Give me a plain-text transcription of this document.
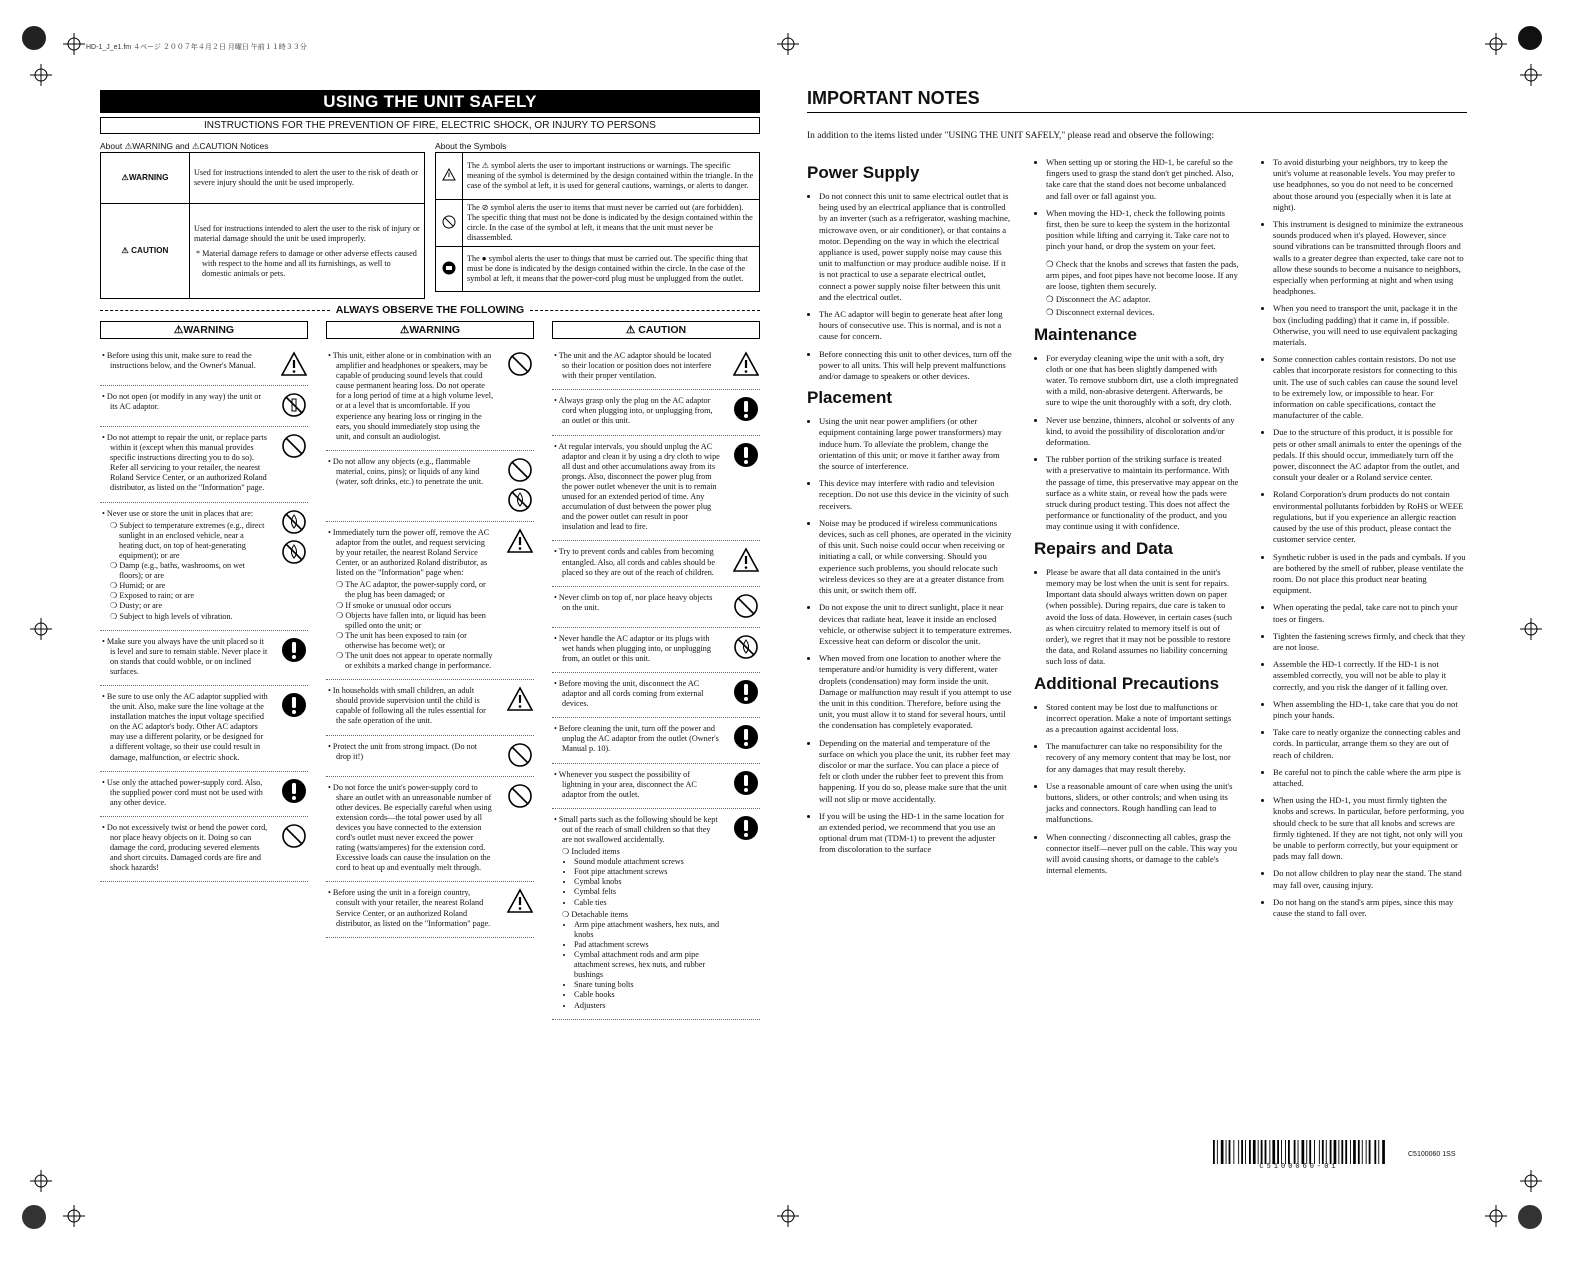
HD-1_J_e1.fm ４ページ ２００７年４月２日 月曜日 午前１１時３３分
USING THE UNIT SAFELY
INSTRUCTIONS FOR THE PREVENTION OF FIRE, ELECTRIC SHOCK, OR INJURY TO PERSONS
About ⚠WARNING and ⚠CAUTION Notices
⚠WARNING	Used for instructions intended to alert the user to the risk of death or severe injury should the unit be used improperly.
⚠ CAUTION	Used for instructions intended to alert the user to the risk of injury or material damage should the unit be used improperly.
* Material damage refers to damage or other adverse effects caused with respect to the home and all its furnishings, as well to domestic animals or pets.
About the Symbols
	The ⚠ symbol alerts the user to important instructions or warnings. The specific meaning of the symbol is determined by the design contained within the triangle. In the case of the symbol at left, it is used for general cautions, warnings, or alerts to danger.
	The ⊘ symbol alerts the user to items that must never be carried out (are forbidden). The specific thing that must not be done is indicated by the design contained within the circle. In the case of the symbol at left, it means that the unit must never be disassembled.
	The ● symbol alerts the user to things that must be carried out. The specific thing that must be done is indicated by the design contained within the circle. In the case of the symbol at left, it means that the power-cord plug must be unplugged from the outlet.
ALWAYS OBSERVE THE FOLLOWING
⚠WARNING

• Before using this unit, make sure to read the instructions below, and the Owner's Manual.

• Do not open (or modify in any way) the unit or its AC adaptor.

• Do not attempt to repair the unit, or replace parts within it (except when this manual provides specific instructions directing you to do so). Refer all servicing to your retailer, the nearest Roland Service Center, or an authorized Roland distributor, as listed on the "Information" page.

• Never use or store the unit in places that are:

❍ Subject to temperature extremes (e.g., direct sunlight in an enclosed vehicle, near a heating duct, on top of heat-generating equipment); or are
❍ Damp (e.g., baths, washrooms, on wet floors); or are
❍ Humid; or are
❍ Exposed to rain; or are
❍ Dusty; or are
❍ Subject to high levels of vibration.

• Make sure you always have the unit placed so it is level and sure to remain stable. Never place it on stands that could wobble, or on inclined surfaces.

• Be sure to use only the AC adaptor supplied with the unit. Also, make sure the line voltage at the installation matches the input voltage specified on the AC adaptor's body. Other AC adaptors may use a different polarity, or be designed for a different voltage, so their use could result in damage, malfunction, or electric shock.

• Use only the attached power-supply cord. Also, the supplied power cord must not be used with any other device.

• Do not excessively twist or bend the power cord, nor place heavy objects on it. Doing so can damage the cord, producing severed elements and short circuits. Damaged cords are fire and shock hazards!

⚠WARNING

• This unit, either alone or in combination with an amplifier and headphones or speakers, may be capable of producing sound levels that could cause permanent hearing loss. Do not operate for a long period of time at a high volume level, or at a level that is uncomfortable. If you experience any hearing loss or ringing in the ears, you should immediately stop using the unit, and consult an audiologist.

• Do not allow any objects (e.g., flammable material, coins, pins); or liquids of any kind (water, soft drinks, etc.) to penetrate the unit.

• Immediately turn the power off, remove the AC adaptor from the outlet, and request servicing by your retailer, the nearest Roland Service Center, or an authorized Roland distributor, as listed on the "Information" page when:

❍ The AC adaptor, the power-supply cord, or the plug has been damaged; or
❍ If smoke or unusual odor occurs
❍ Objects have fallen into, or liquid has been spilled onto the unit; or
❍ The unit has been exposed to rain (or otherwise has become wet); or
❍ The unit does not appear to operate normally or exhibits a marked change in performance.

• In households with small children, an adult should provide supervision until the child is capable of following all the rules essential for the safe operation of the unit.

• Protect the unit from strong impact. (Do not drop it!)

• Do not force the unit's power-supply cord to share an outlet with an unreasonable number of other devices. Be especially careful when using extension cords—the total power used by all devices you have connected to the extension cord's outlet must never exceed the power rating (watts/amperes) for the extension cord. Excessive loads can cause the insulation on the cord to heat up and eventually melt through.

• Before using the unit in a foreign country, consult with your retailer, the nearest Roland Service Center, or an authorized Roland distributor, as listed on the "Information" page.

⚠ CAUTION

• The unit and the AC adaptor should be located so their location or position does not interfere with their proper ventilation.

• Always grasp only the plug on the AC adaptor cord when plugging into, or unplugging from, an outlet or this unit.

• At regular intervals, you should unplug the AC adaptor and clean it by using a dry cloth to wipe all dust and other accumulations away from its prongs. Also, disconnect the power plug from the power outlet whenever the unit is to remain unused for an extended period of time. Any accumulation of dust between the power plug and the power outlet can result in poor insulation and lead to fire.

• Try to prevent cords and cables from becoming entangled. Also, all cords and cables should be placed so they are out of the reach of children.

• Never climb on top of, nor place heavy objects on the unit.

• Never handle the AC adaptor or its plugs with wet hands when plugging into, or unplugging from, an outlet or this unit.

• Before moving the unit, disconnect the AC adaptor and all cords coming from external devices.

• Before cleaning the unit, turn off the power and unplug the AC adaptor from the outlet (Owner's Manual p. 10).

• Whenever you suspect the possibility of lightning in your area, disconnect the AC adaptor from the outlet.

• Small parts such as the following should be kept out of the reach of small children so that they are not swallowed accidentally.

❍ Included items
• Sound module attachment screws
• Foot pipe attachment screws
• Cymbal knobs
• Cymbal felts
• Cable ties
❍ Detachable items
• Arm pipe attachment washers, hex nuts, and knobs
• Pad attachment screws
• Cymbal attachment rods and arm pipe attachment screws, hex nuts, and rubber bushings
• Snare tuning bolts
• Cable hooks
• Adjusters
IMPORTANT NOTES
In addition to the items listed under "USING THE UNIT SAFELY," please read and observe the following:
Power Supply
• Do not connect this unit to same electrical outlet that is being used by an electrical appliance that is controlled by an inverter (such as a refrigerator, washing machine, microwave oven, or air conditioner), or that contains a motor. Depending on the way in which the electrical appliance is used, power supply noise may cause this unit to malfunction or may produce audible noise. If it is not practical to use a separate electrical outlet, connect a power supply noise filter between this unit and the electrical outlet.
• The AC adaptor will begin to generate heat after long hours of consecutive use. This is normal, and is not a cause for concern.
• Before connecting this unit to other devices, turn off the power to all units. This will help prevent malfunctions and/or damage to speakers or other devices.
Placement
• Using the unit near power amplifiers (or other equipment containing large power transformers) may induce hum. To alleviate the problem, change the orientation of this unit; or move it farther away from the source of interference.
• This device may interfere with radio and television reception. Do not use this device in the vicinity of such receivers.
• Noise may be produced if wireless communications devices, such as cell phones, are operated in the vicinity of this unit. Such noise could occur when receiving or initiating a call, or while conversing. Should you experience such problems, you should relocate such wireless devices so they are at a greater distance from this unit, or switch them off.
• Do not expose the unit to direct sunlight, place it near devices that radiate heat, leave it inside an enclosed vehicle, or otherwise subject it to temperature extremes. Excessive heat can deform or discolor the unit.
• When moved from one location to another where the temperature and/or humidity is very different, water droplets (condensation) may form inside the unit. Damage or malfunction may result if you attempt to use the unit in this condition. Therefore, before using the unit, you must allow it to stand for several hours, until the condensation has completely evaporated.
• Depending on the material and temperature of the surface on which you place the unit, its rubber feet may discolor or mar the surface. You can place a piece of felt or cloth under the rubber feet to prevent this from happening. If you do so, please make sure that the unit will not slip or move accidentally.
• If you will be using the HD-1 in the same location for an extended period, we recommend that you use an optional drum mat (TDM-1) to prevent the adjuster from discoloration to the surface
• When setting up or storing the HD-1, be careful so the fingers used to grasp the stand don't get pinched. Also, take care that the stand does not become unbalanced and fall over or fall against you.
• When moving the HD-1, check the following points first, then be sure to keep the system in the horizontal position while lifting and carrying it. Take care not to pinch your hand, or drop the system on your feet.
❍ Check that the knobs and screws that fasten the pads, arm pipes, and foot pipes have not become loose. If any are loose, tighten them securely.
❍ Disconnect the AC adaptor.
❍ Disconnect external devices.
Maintenance
• For everyday cleaning wipe the unit with a soft, dry cloth or one that has been slightly dampened with water. To remove stubborn dirt, use a cloth impregnated with a mild, non-abrasive detergent. Afterwards, be sure to wipe the unit thoroughly with a soft, dry cloth.
• Never use benzine, thinners, alcohol or solvents of any kind, to avoid the possibility of discoloration and/or deformation.
• The rubber portion of the striking surface is treated with a preservative to maintain its performance. With the passage of time, this preservative may appear on the surface as a white stain, or reveal how the pads were struck during product testing. This does not affect the performance or functionality of the product, and you may continue using it with confidence.
Repairs and Data
• Please be aware that all data contained in the unit's memory may be lost when the unit is sent for repairs. Important data should always written down on paper (when possible). During repairs, due care is taken to avoid the loss of data. However, in certain cases (such as when circuitry related to memory itself is out of order), we regret that it may not be possible to restore the data, and Roland assumes no liability concerning such loss of data.
Additional Precautions
• Stored content may be lost due to malfunctions or incorrect operation. Make a note of important settings as a precaution against accidental loss.
• The manufacturer can take no responsibility for the recovery of any memory content that may be lost, nor for any damages that may result thereby.
• Use a reasonable amount of care when using the unit's buttons, sliders, or other controls; and when using its jacks and connectors. Rough handling can lead to malfunctions.
• When connecting / disconnecting all cables, grasp the connector itself—never pull on the cable. This way you will avoid causing shorts, or damage to the cable's internal elements.
• To avoid disturbing your neighbors, try to keep the unit's volume at reasonable levels. You may prefer to use headphones, so you do not need to be concerned about those around you (especially when it is late at night).
• This instrument is designed to minimize the extraneous sounds produced when it's played. However, since sound vibrations can be transmitted through floors and walls to a greater degree than expected, take care not to allow these sounds to become a nuisance to neighbors, especially when performing at night and when using headphones.
• When you need to transport the unit, package it in the box (including padding) that it came in, if possible. Otherwise, you will need to use equivalent packaging materials.
• Some connection cables contain resistors. Do not use cables that incorporate resistors for connecting to this unit. The use of such cables can cause the sound level to be extremely low, or impossible to hear. For information on cable specifications, contact the manufacturer of the cable.
• Due to the structure of this product, it is possible for pets or other small animals to enter the openings of the pedals. If this should occur, immediately turn off the power, disconnect the AC adaptor from the outlet, and consult your dealer or a Roland service center.
• Roland Corporation's drum products do not contain environmental pollutants forbidden by RoHS or WEEE regulations, but if you experience an allergic reaction caused by the use of this product, please contact the customer service center.
• Synthetic rubber is used in the pads and cymbals. If you are bothered by the smell of rubber, please ventilate the room. Do not place this product near heating equipment.
• When operating the pedal, take care not to pinch your toes or fingers.
• Tighten the fastening screws firmly, and check that they are not loose.
• Assemble the HD-1 correctly. If the HD-1 is not assembled correctly, you will not be able to play it correctly, and you risk the danger of it falling over.
• When assembling the HD-1, take care that you do not pinch your hands.
• Take care to neatly organize the connecting cables and cords. In particular, arrange them so they are out of reach of children.
• Be careful not to pinch the cable where the arm pipe is attached.
• When using the HD-1, you must firmly tighten the knobs and screws. In particular, before performing, you should check to be sure that all knobs and screws are firmly tightened. If they are not tight, not only will you be unable to perform correctly, but your equipment or pads may fall down.
• Do not allow children to play near the stand. The stand may fall over, causing injury.
• Do not hang on the stand's arm pipes, since this may cause the stand to fall over.
C5100060-01
C5100060 1SS
